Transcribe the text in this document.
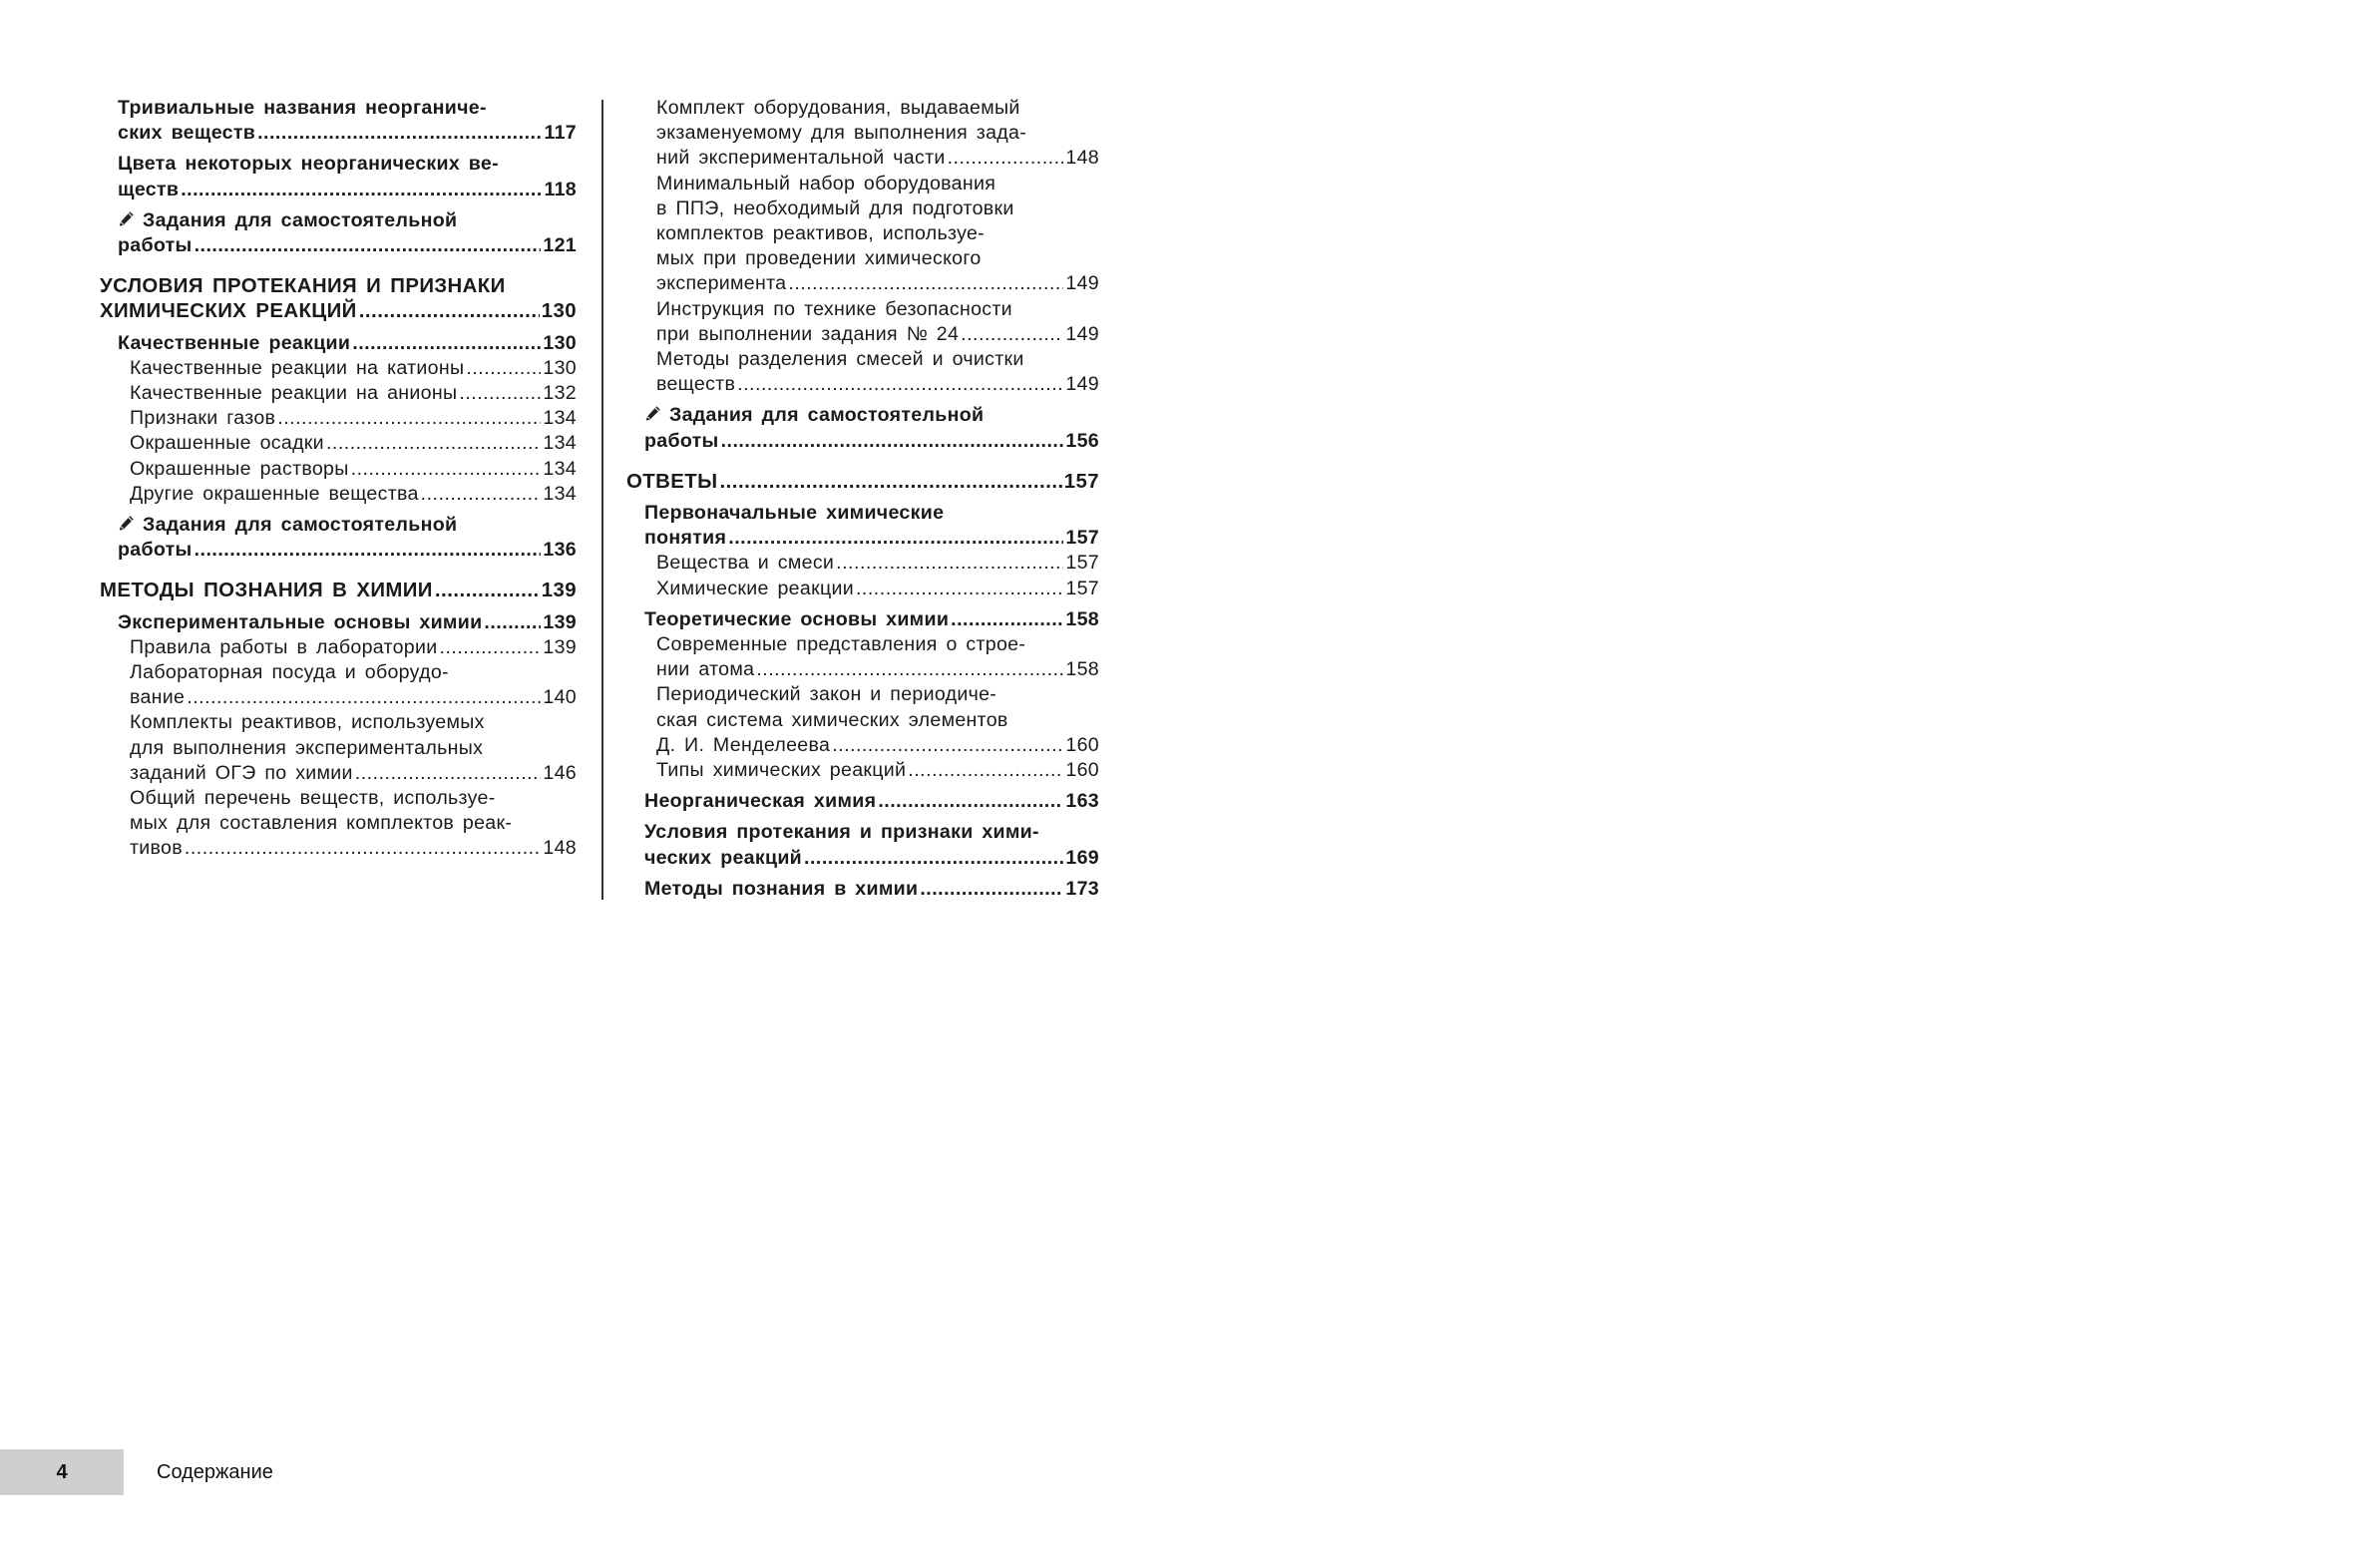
Тривиальные названия неорганиче-
ских веществ .....	117
Цвета некоторых неорганических ве-
ществ .....	118
Задания для самостоятельной
работы .....	121
УСЛОВИЯ ПРОТЕКАНИЯ И ПРИЗНАКИ
ХИМИЧЕСКИХ РЕАКЦИЙ .....	130
Качественные реакции .....	130
Качественные реакции на катионы .....	130
Качественные реакции на анионы .....	132
Признаки газов .....	134
Окрашенные осадки .....	134
Окрашенные растворы .....	134
Другие окрашенные вещества .....	134
Задания для самостоятельной
работы .....	136
МЕТОДЫ ПОЗНАНИЯ В ХИМИИ .....	139
Экспериментальные основы химии .....	139
Правила работы в лаборатории .....	139
Лабораторная посуда и оборудо-
вание .....	140
Комплекты реактивов, используемых
для выполнения экспериментальных
заданий ОГЭ по химии .....	146
Общий перечень веществ, используе-
мых для составления комплектов реак-
тивов .....	148
Комплект оборудования, выдаваемый
экзаменуемому для выполнения зада-
ний экспериментальной части .....	148
Минимальный набор оборудования
в ППЭ, необходимый для подготовки
комплектов реактивов, используе-
мых при проведении химического
эксперимента .....	149
Инструкция по технике безопасности
при выполнении задания № 24 .....	149
Методы разделения смесей и очистки
веществ .....	149
Задания для самостоятельной
работы .....	156
ОТВЕТЫ .....	157
Первоначальные химические
понятия .....	157
Вещества и смеси .....	157
Химические реакции .....	157
Теоретические основы химии .....	158
Современные представления о строе-
нии атома .....	158
Периодический закон и периодиче-
ская система химических элементов
Д. И. Менделеева .....	160
Типы химических реакций .....	160
Неорганическая химия .....	163
Условия протекания и признаки хими-
ческих реакций .....	169
Методы познания в химии .....	173
4	Содержание
